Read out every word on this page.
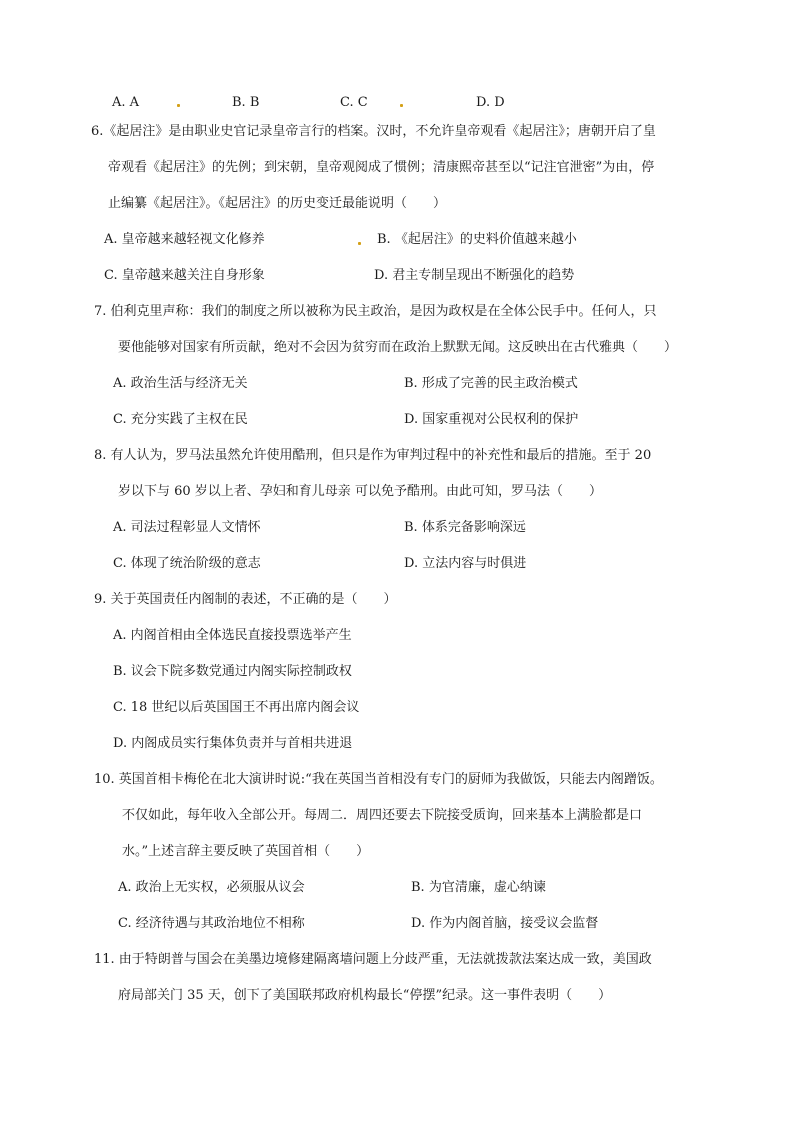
A. A	B. B	C. C	D. D
6.《起居注》是由职业史官记录皇帝言行的档案。汉时，不允许皇帝观看《起居注》；唐朝开启了皇
帝观看《起居注》的先例；到宋朝，皇帝观阅成了惯例；清康熙帝甚至以“记注官泄密”为由，停
止编纂《起居注》。《起居注》的历史变迁最能说明（　　）
A. 皇帝越来越轻视文化修养	B. 《起居注》的史料价值越来越小
C. 皇帝越来越关注自身形象	D. 君主专制呈现出不断强化的趋势
7. 伯利克里声称：我们的制度之所以被称为民主政治，是因为政权是在全体公民手中。任何人，只
要他能够对国家有所贡献，绝对不会因为贫穷而在政治上默默无闻。这反映出在古代雅典（　　）
A. 政治生活与经济无关	B. 形成了完善的民主政治模式
C. 充分实践了主权在民	D. 国家重视对公民权利的保护
8. 有人认为，罗马法虽然允许使用酷刑，但只是作为审判过程中的补充性和最后的措施。至于 20
岁以下与 60 岁以上者、孕妇和育儿母亲 可以免予酷刑。由此可知，罗马法（　　）
A. 司法过程彰显人文情怀	B. 体系完备影响深远
C. 体现了统治阶级的意志	D. 立法内容与时俱进
9. 关于英国责任内阁制的表述，不正确的是（　　）
A. 内阁首相由全体选民直接投票选举产生
B. 议会下院多数党通过内阁实际控制政权
C. 18 世纪以后英国国王不再出席内阁会议
D. 内阁成员实行集体负责并与首相共进退
10. 英国首相卡梅伦在北大演讲时说:“我在英国当首相没有专门的厨师为我做饭，只能去内阁蹭饭。
不仅如此，每年收入全部公开。每周二．周四还要去下院接受质询，回来基本上满脸都是口
水。”上述言辞主要反映了英国首相（　　）
A. 政治上无实权，必须服从议会	B. 为官清廉，虚心纳谏
C. 经济待遇与其政治地位不相称	D. 作为内阁首脑，接受议会监督
11. 由于特朗普与国会在美墨边境修建隔离墙问题上分歧严重，无法就拨款法案达成一致，美国政
府局部关门 35 天，创下了美国联邦政府机构最长“停摆”纪录。这一事件表明（　　）
